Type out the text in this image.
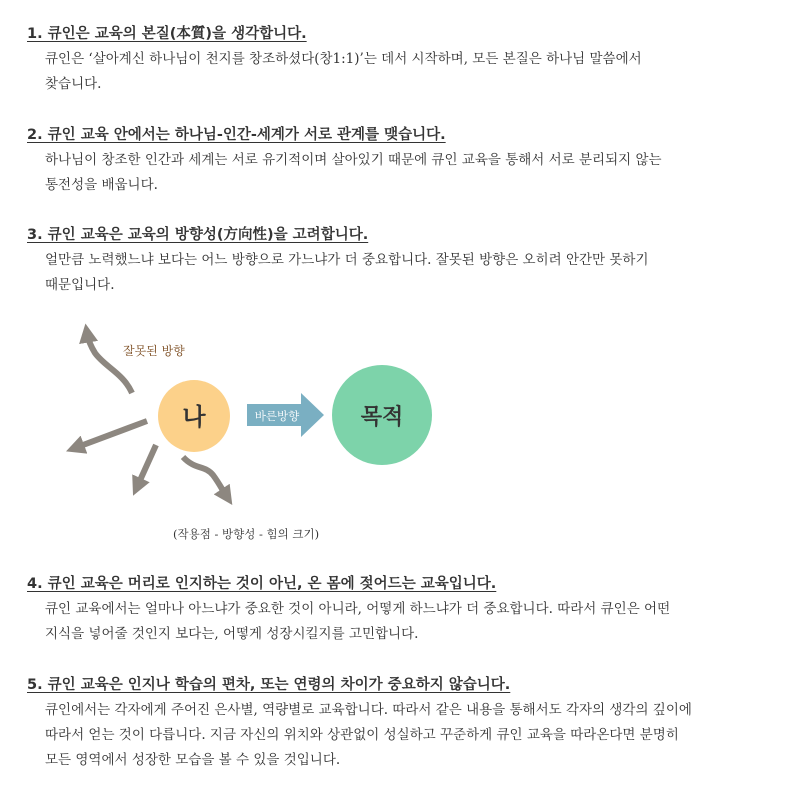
1. 큐인은 교육의 본질(本質)을 생각합니다.
큐인은 ‘살아계신 하나님이 천지를 창조하셨다(창1:1)’는 데서 시작하며, 모든 본질은 하나님 말씀에서
찾습니다.
2. 큐인 교육 안에서는 하나님-인간-세계가 서로 관계를 맺습니다.
하나님이 창조한 인간과 세계는 서로 유기적이며 살아있기 때문에 큐인 교육을 통해서 서로 분리되지 않는
통전성을 배웁니다.
3. 큐인 교육은 교육의 방향성(方向性)을 고려합니다.
얼만큼 노력했느냐 보다는 어느 방향으로 가느냐가 더 중요합니다. 잘못된 방향은 오히려 안간만 못하기
때문입니다.
잘못된 방향
나	바른방향	목적
(작용점 - 방향성 - 힘의 크기)
4. 큐인 교육은 머리로 인지하는 것이 아닌, 온 몸에 젖어드는 교육입니다.
큐인 교육에서는 얼마나 아느냐가 중요한 것이 아니라, 어떻게 하느냐가 더 중요합니다. 따라서 큐인은 어떤
지식을 넣어줄 것인지 보다는, 어떻게 성장시킬지를 고민합니다.
5. 큐인 교육은 인지나 학습의 편차, 또는 연령의 차이가 중요하지 않습니다.
큐인에서는 각자에게 주어진 은사별, 역량별로 교육합니다. 따라서 같은 내용을 통해서도 각자의 생각의 깊이에
따라서 얻는 것이 다릅니다. 지금 자신의 위치와 상관없이 성실하고 꾸준하게 큐인 교육을 따라온다면 분명히
모든 영역에서 성장한 모습을 볼 수 있을 것입니다.
